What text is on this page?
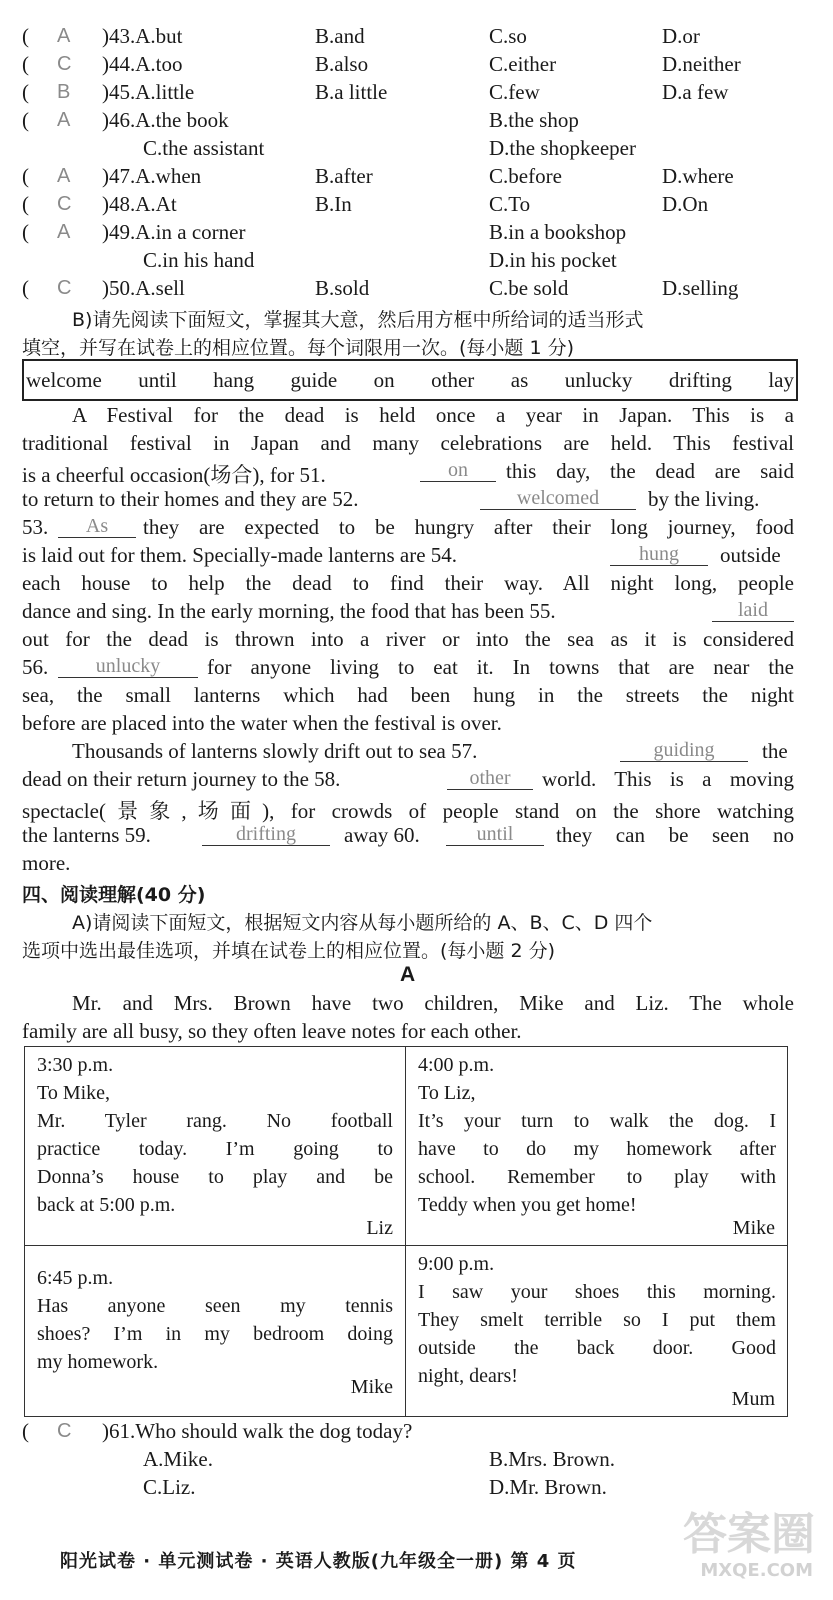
( A )43.A.but	B.and	C.so	D.or
( C )44.A.too	B.also	C.either	D.neither
( B )45.A.little	B.a little	C.few	D.a few
( A )46.A.the book	B.the shop
C.the assistant	D.the shopkeeper
( A )47.A.when	B.after	C.before	D.where
( C )48.A.At	B.In	C.To	D.On
( A )49.A.in a corner	B.in a bookshop
C.in his hand	D.in his pocket
( C )50.A.sell	B.sold	C.be sold	D.selling
B)请先阅读下面短文，掌握其大意，然后用方框中所给词的适当形式
填空，并写在试卷上的相应位置。每个词限用一次。(每小题 1 分)
welcome until hang guide on other as unlucky drifting lay
A Festival for the dead is held once a year in Japan. This is a
traditional festival in Japan and many celebrations are held. This festival
is a cheerful occasion(场合), for 51.	on	this day, the dead are said
to return to their homes and they are 52.	welcomed	by the living.
53.	As	they are expected to be hungry after their long journey, food
is laid out for them. Specially-made lanterns are 54.	hung	outside
each house to help the dead to find their way. All night long, people
dance and sing. In the early morning, the food that has been 55.	laid
out for the dead is thrown into a river or into the sea as it is considered
56.	unlucky	for anyone living to eat it. In towns that are near the
sea, the small lanterns which had been hung in the streets the night
before are placed into the water when the festival is over.
Thousands of lanterns slowly drift out to sea 57.	guiding	the
dead on their return journey to the 58.	other	world. This is a moving
spectacle(景象,场面), for crowds of people stand on the shore watching
the lanterns 59.	drifting	away 60.	until	they can be seen no
more.
四、阅读理解(40 分)
A)请阅读下面短文，根据短文内容从每小题所给的 A、B、C、D 四个
选项中选出最佳选项，并填在试卷上的相应位置。(每小题 2 分)
A
Mr. and Mrs. Brown have two children, Mike and Liz. The whole
family are all busy, so they often leave notes for each other.
3:30 p.m.
To Mike,
Mr. Tyler rang. No football
practice today. I’m going to
Donna’s house to play and be
back at 5:00 p.m.
Liz
4:00 p.m.
To Liz,
It’s your turn to walk the dog. I
have to do my homework after
school. Remember to play with
Teddy when you get home!
Mike
6:45 p.m.
Has anyone seen my tennis
shoes? I’m in my bedroom doing
my homework.
Mike
9:00 p.m.
I saw your shoes this morning.
They smelt terrible so I put them
outside the back door. Good
night, dears!
Mum
( C )61.Who should walk the dog today?
A.Mike.	B.Mrs. Brown.
C.Liz.	D.Mr. Brown.
答案圈
MXQE.COM
阳光试卷 · 单元测试卷 · 英语人教版(九年级全一册) 第 4 页
